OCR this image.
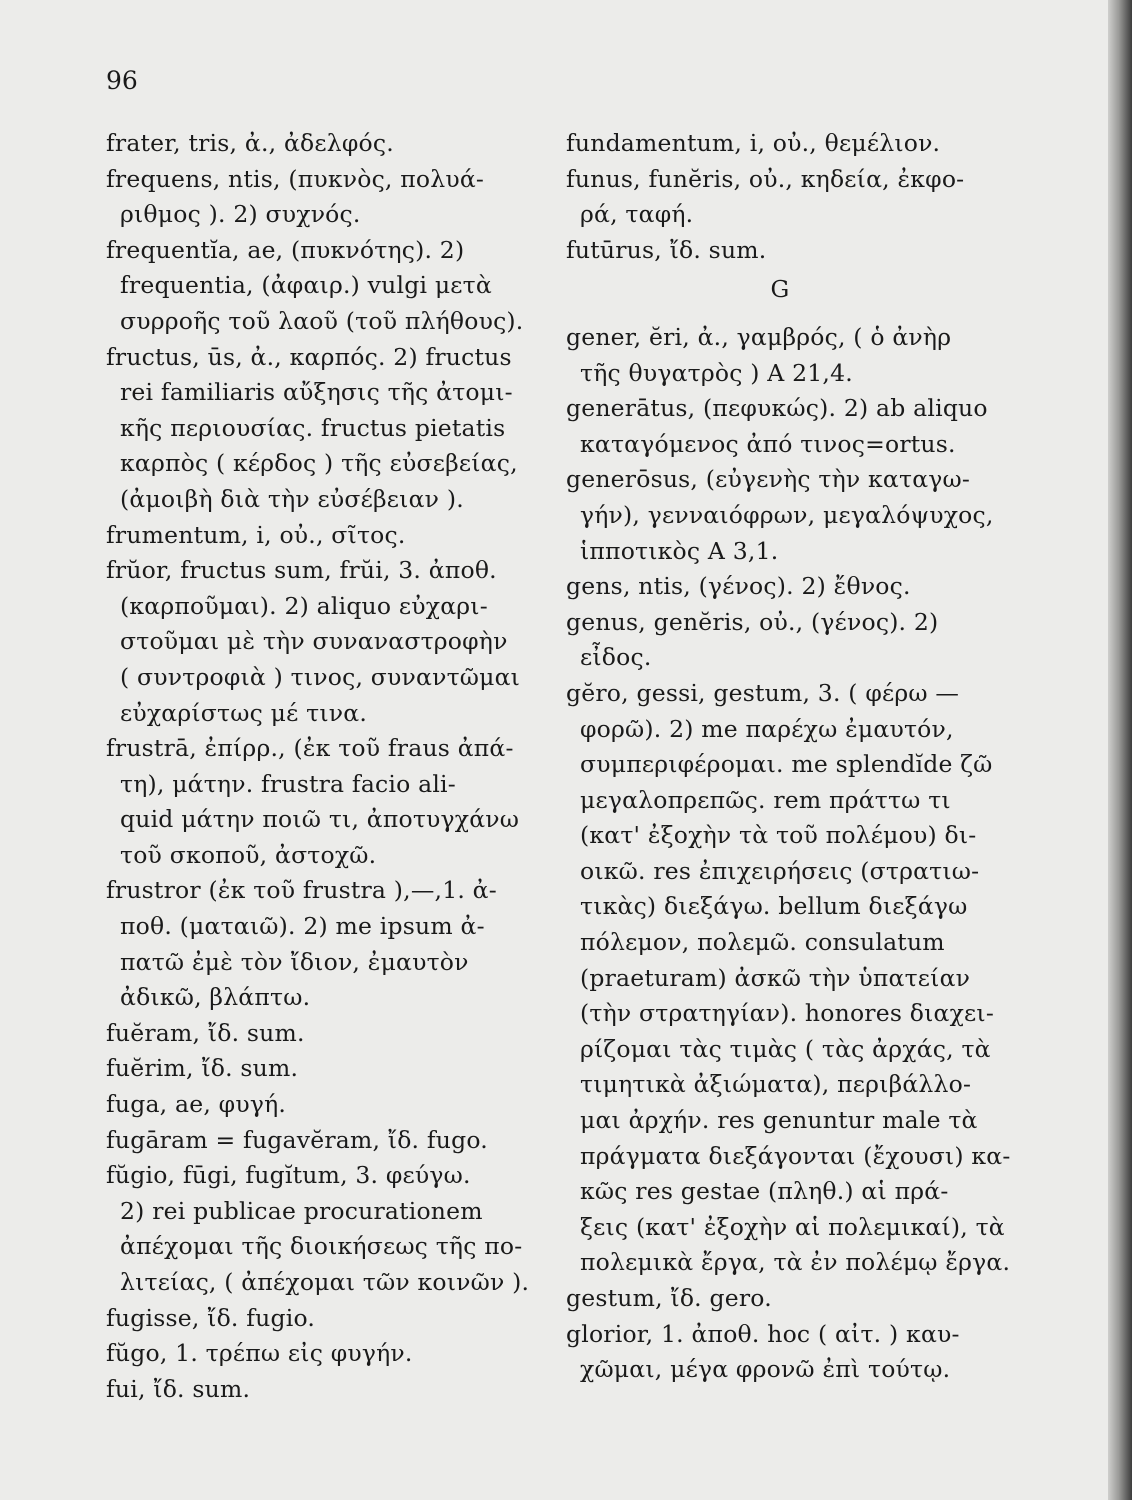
96
frater, tris, ἀ., ἀδελφός.
frequens, ntis, (πυκνὸς, πολυά-
ριθμος ). 2) συχνός.
frequentĭa, ae, (πυκνότης). 2)
frequentia, (ἀφαιρ.) vulgi μετὰ
συρροῆς τοῦ λαοῦ (τοῦ πλήθους).
fructus, ūs, ἀ., καρπός. 2) fructus
rei familiaris αὔξησις τῆς ἀτομι-
κῆς περιουσίας. fructus pietatis
καρπὸς ( κέρδος ) τῆς εὐσεβείας,
(ἀμοιβὴ διὰ τὴν εὐσέβειαν ).
frumentum, i, οὐ., σῖτος.
frŭor, fructus sum, frŭi, 3. ἀποθ.
(καρποῦμαι). 2) aliquo εὐχαρι-
στοῦμαι μὲ τὴν συναναστροφὴν
( συντροφιὰ ) τινος, συναντῶμαι
εὐχαρίστως μέ τινα.
frustrā, ἐπίρρ., (ἐκ τοῦ fraus ἀπά-
τη), μάτην. frustra facio ali-
quid μάτην ποιῶ τι, ἀποτυγχάνω
τοῦ σκοποῦ, ἀστοχῶ.
frustror (ἐκ τοῦ frustra ),—,1. ἀ-
ποθ. (ματαιῶ). 2) me ipsum ἀ-
πατῶ ἐμὲ τὸν ἴδιον, ἐμαυτὸν
ἀδικῶ, βλάπτω.
fuĕram, ἴδ. sum.
fuĕrim, ἴδ. sum.
fuga, ae, φυγή.
fugāram = fugavĕram, ἴδ. fugo.
fŭgio, fūgi, fugĭtum, 3. φεύγω.
2) rei publicae procurationem
ἀπέχομαι τῆς διοικήσεως τῆς πο-
λιτείας, ( ἀπέχομαι τῶν κοινῶν ).
fugisse, ἴδ. fugio.
fŭgo, 1. τρέπω εἰς φυγήν.
fui, ἴδ. sum.
fundamentum, i, οὐ., θεμέλιον.
funus, funĕris, οὐ., κηδεία, ἐκφο-
ρά, ταφή.
futūrus, ἴδ. sum.
G
gener, ĕri, ἀ., γαμβρός, ( ὁ ἀνὴρ
τῆς θυγατρὸς ) Α 21,4.
generātus, (πεφυκώς). 2) ab aliquo
καταγόμενος ἀπό τινος=ortus.
generōsus, (εὐγενὴς τὴν καταγω-
γήν), γενναιόφρων, μεγαλόψυχος,
ἱπποτικὸς Α 3,1.
gens, ntis, (γένος). 2) ἔθνος.
genus, genĕris, οὐ., (γένος). 2)
εἶδος.
gĕro, gessi, gestum, 3. ( φέρω —
φορῶ). 2) me παρέχω ἐμαυτόν,
συμπεριφέρομαι. me splendĭde ζῶ
μεγαλοπρεπῶς. rem πράττω τι
(κατ' ἐξοχὴν τὰ τοῦ πολέμου) δι-
οικῶ. res ἐπιχειρήσεις (στρατιω-
τικὰς) διεξάγω. bellum διεξάγω
πόλεμον, πολεμῶ. consulatum
(praeturam) ἀσκῶ τὴν ὑπατείαν
(τὴν στρατηγίαν). honores διαχει-
ρίζομαι τὰς τιμὰς ( τὰς ἀρχάς, τὰ
τιμητικὰ ἀξιώματα), περιβάλλο-
μαι ἀρχήν. res genuntur male τὰ
πράγματα διεξάγονται (ἔχουσι) κα-
κῶς res gestae (πληθ.) αἱ πρά-
ξεις (κατ' ἐξοχὴν αἱ πολεμικαί), τὰ
πολεμικὰ ἔργα, τὰ ἐν πολέμῳ ἔργα.
gestum, ἴδ. gero.
glorior, 1. ἀποθ. hoc ( αἰτ. ) καυ-
χῶμαι, μέγα φρονῶ ἐπὶ τούτῳ.
